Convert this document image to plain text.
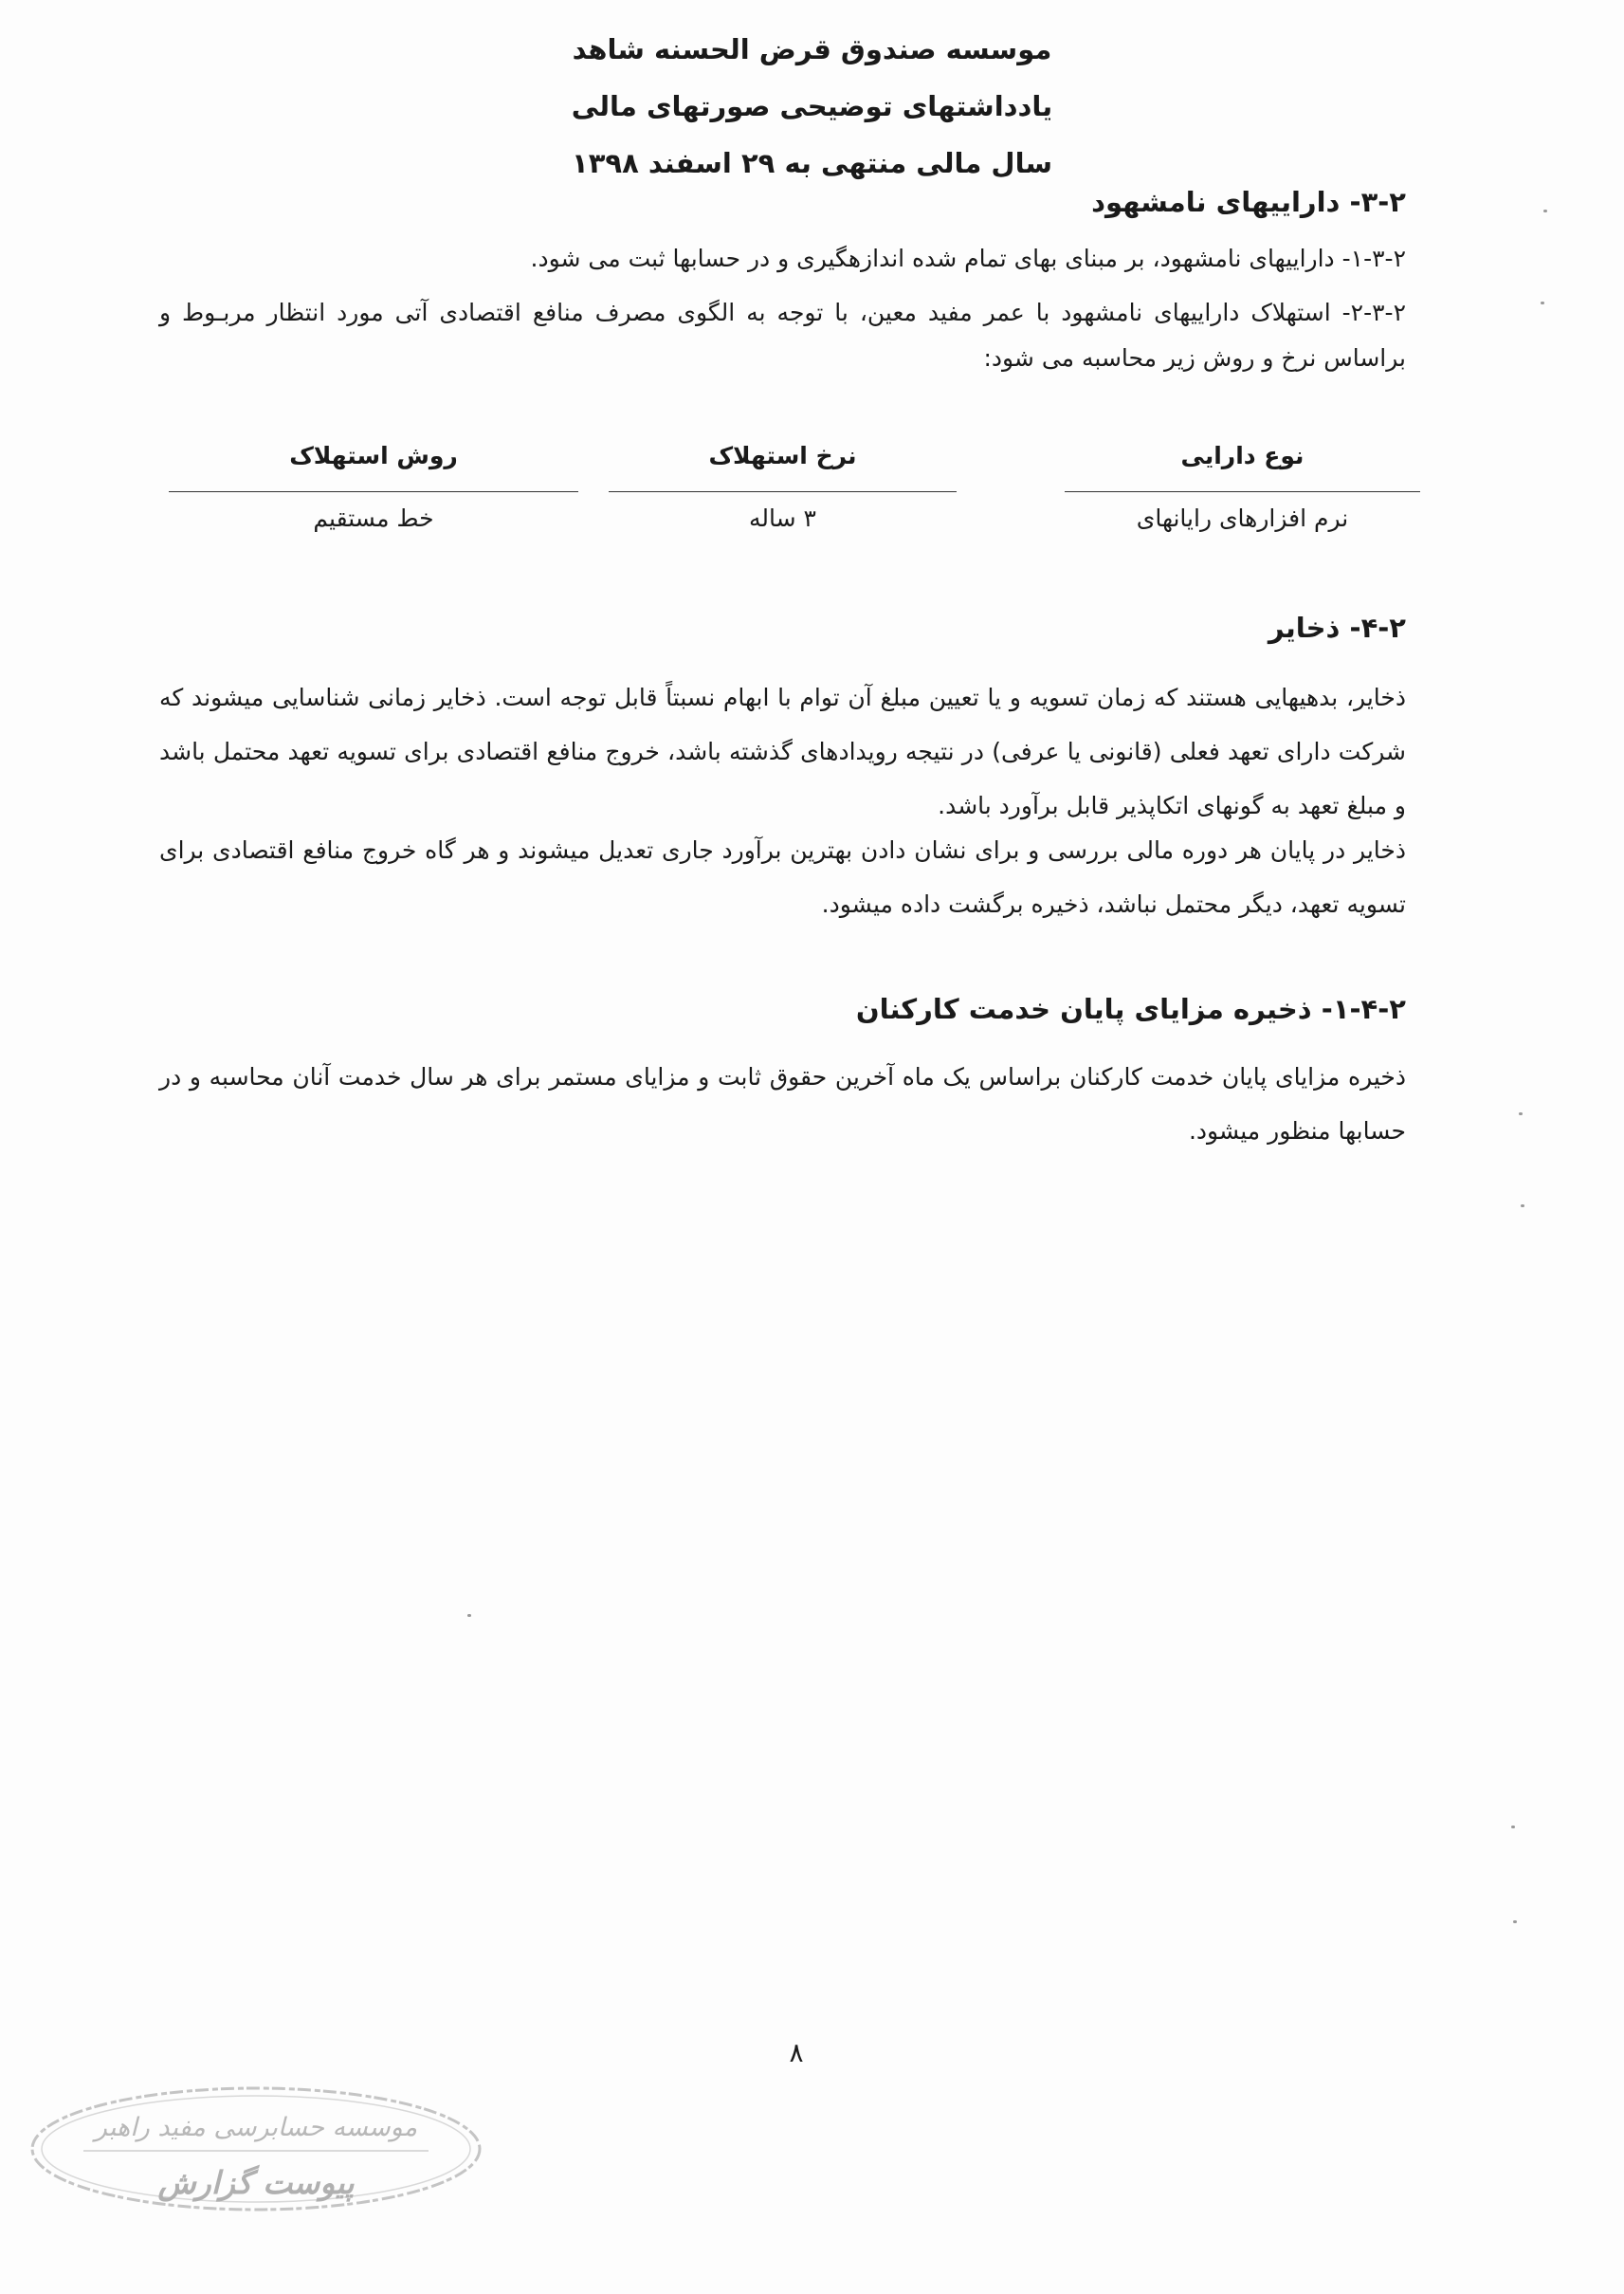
موسسه صندوق قرض الحسنه شاهد
یادداشتهای توضیحی صورتهای مالی
سال مالی منتهی به ۲۹ اسفند ۱۳۹۸
۳-۲- داراییهای نامشهود
۱-۳-۲- داراییهای نامشهود، بر مبنای بهای تمام شده اندازهگیری و در حسابها ثبت می شود.
۲-۳-۲- استهلاک داراییهای نامشهود با عمر مفید معین، با توجه به الگوی مصرف منافع اقتصادی آتی مورد انتظار مربـوط و
براساس نرخ و روش زیر محاسبه می شود:
نوع دارایی
نرم افزارهای رایانهای
نرخ استهلاک
۳ ساله
روش استهلاک
خط مستقیم
۴-۲- ذخایر
ذخایر، بدهیهایی هستند که زمان تسویه و یا تعیین مبلغ آن توام با ابهام نسبتاً قابل توجه است. ذخایر زمانی شناسایی میشوند که شرکت دارای تعهد فعلی (قانونی یا عرفی) در نتیجه رویدادهای گذشته باشد، خروج منافع اقتصادی برای تسویه تعهد محتمل باشد و مبلغ تعهد به گونهای اتکاپذیر قابل برآورد باشد.
ذخایر در پایان هر دوره مالی بررسی و برای نشان دادن بهترین برآورد جاری تعدیل میشوند و هر گاه خروج منافع اقتصادی برای تسویه تعهد، دیگر محتمل نباشد، ذخیره برگشت داده میشود.
۱-۴-۲- ذخیره مزایای پایان خدمت کارکنان
ذخیره مزایای پایان خدمت کارکنان براساس یک ماه آخرین حقوق ثابت و مزایای مستمر برای هر سال خدمت آنان محاسبه و در حسابها منظور میشود.
۸
موسسه حسابرسی مفید راهبر
پیوست گزارش
